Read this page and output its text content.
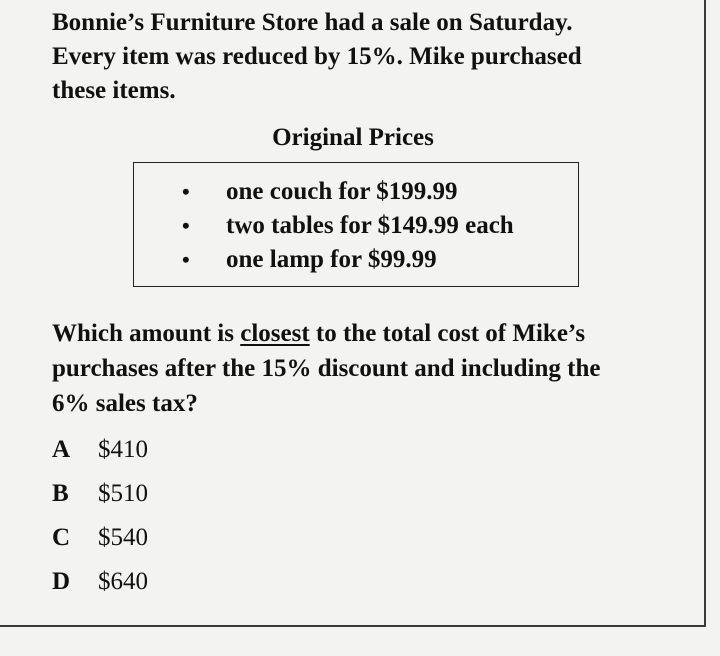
Bonnie’s Furniture Store had a sale on Saturday.

Every item was reduced by 15%. Mike purchased

these items.

Original Prices
•	one couch for $199.99
•	two tables for $149.99 each
•	one lamp for $99.99
Which amount is closest to the total cost of Mike’s
purchases after the 15% discount and including the
6% sales tax?
A	$410
B	$510
C	$540
D	$640
